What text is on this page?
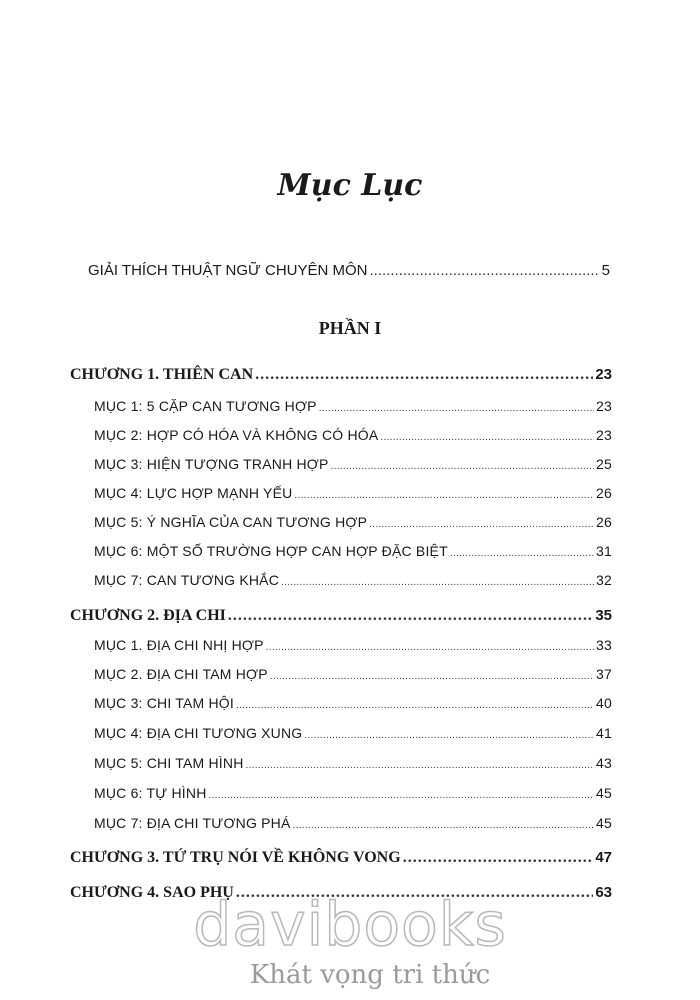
Mục Lục
GIẢI THÍCH THUẬT NGỮ CHUYÊN MÔN .....	5
PHẦN I
CHƯƠNG 1. THIÊN CAN .....	23
MỤC 1: 5 CẶP CAN TƯƠNG HỢP .....	23
MỤC 2: HỢP CÓ HÓA VÀ KHÔNG CÓ HÓA .....	23
MỤC 3: HIỆN TƯỢNG TRANH HỢP .....	25
MỤC 4: LỰC HỢP MẠNH YẾU .....	26
MỤC 5: Ý NGHĨA CỦA CAN TƯƠNG HỢP .....	26
MỤC 6: MỘT SỐ TRƯỜNG HỢP CAN HỢP ĐẶC BIỆT .....	31
MỤC 7: CAN TƯƠNG KHẮC .....	32
CHƯƠNG 2. ĐỊA CHI .....	35
MỤC 1. ĐỊA CHI NHỊ HỢP .....	33
MỤC 2. ĐỊA CHI TAM HỢP .....	37
MỤC 3: CHI TAM HỘI .....	40
MỤC 4: ĐỊA CHI TƯƠNG XUNG .....	41
MỤC 5: CHI TAM HÌNH .....	43
MỤC 6: TỰ HÌNH .....	45
MỤC 7: ĐỊA CHI TƯƠNG PHÁ .....	45
CHƯƠNG 3. TỨ TRỤ NÓI VỀ KHÔNG VONG .....	47
CHƯƠNG 4. SAO PHỤ .....	63
davibooks
Khát vọng tri thức
